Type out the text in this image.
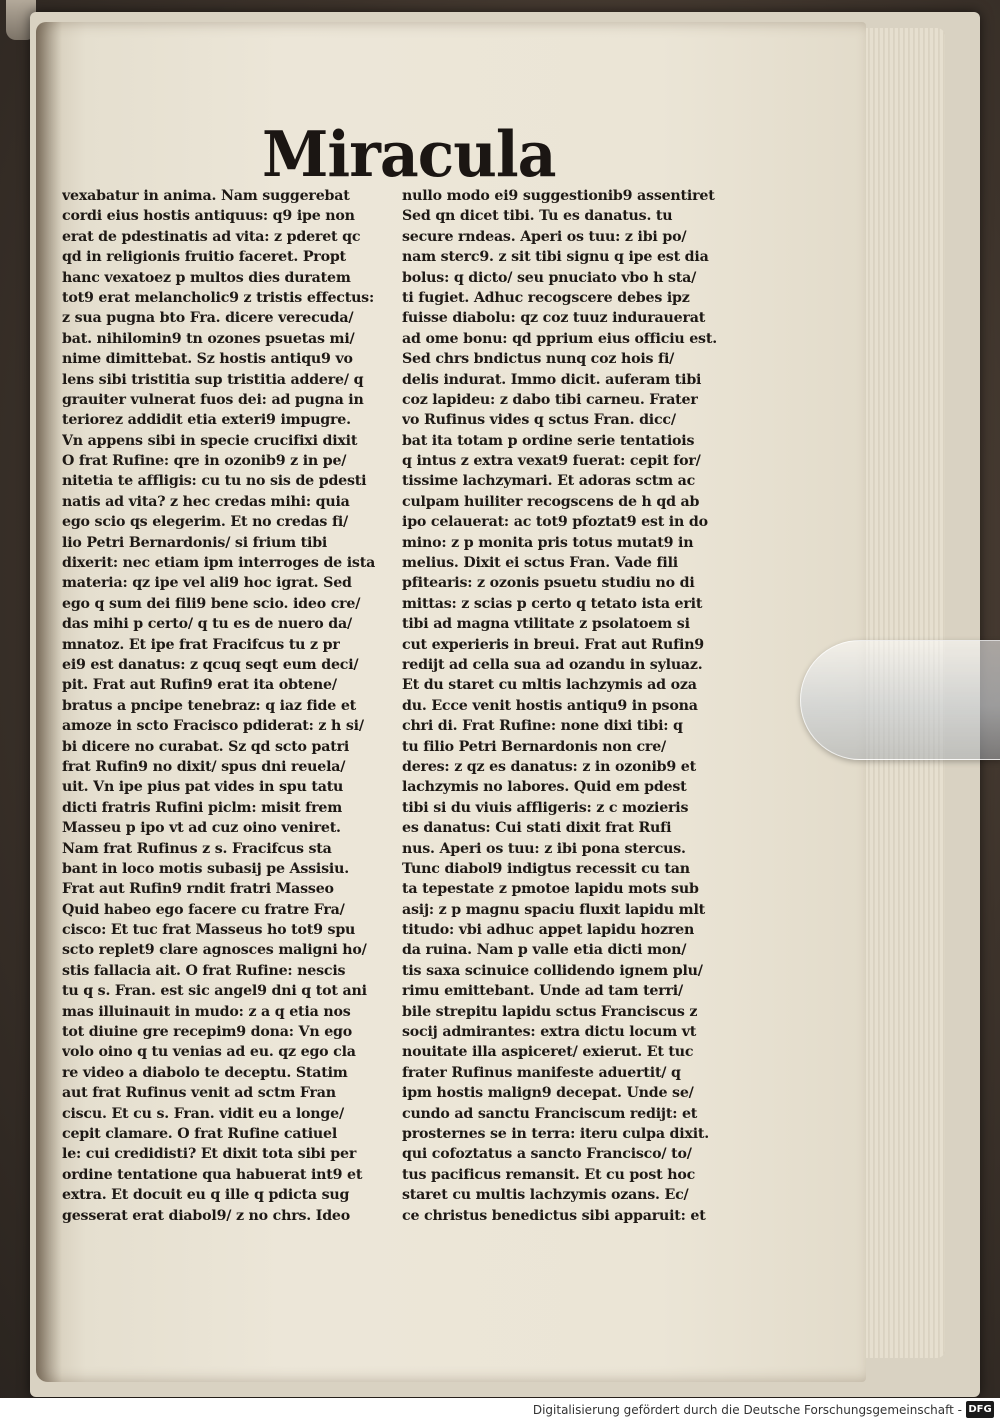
Miracula
vexabatur in anima. Nam suggerebat
cordi eius hostis antiquus: q9 ipe non
erat de pdestinatis ad vita: z pderet qc
qd in religionis fruitio faceret. Propt
hanc vexatoez p multos dies duratem
tot9 erat melancholic9 z tristis effectus:
z sua pugna bto Fra. dicere verecuda/
bat. nihilomin9 tn ozones psuetas mi/
nime dimittebat. Sz hostis antiqu9 vo
lens sibi tristitia sup tristitia addere/ q
grauiter vulnerat fuos dei: ad pugna in
teriorez addidit etia exteri9 impugre.
Vn appens sibi in specie crucifixi dixit
O frat Rufine: qre in ozonib9 z in pe/
nitetia te affligis: cu tu no sis de pdesti
natis ad vita? z hec credas mihi: quia
ego scio qs elegerim. Et no credas fi/
lio Petri Bernardonis/ si frium tibi
dixerit: nec etiam ipm interroges de ista
materia: qz ipe vel ali9 hoc igrat. Sed
ego q sum dei fili9 bene scio. ideo cre/
das mihi p certo/ q tu es de nuero da/
mnatoz. Et ipe frat Fracifcus tu z pr
ei9 est danatus: z qcuq seqt eum deci/
pit. Frat aut Rufin9 erat ita obtene/
bratus a pncipe tenebraz: q iaz fide et
amoze in scto Fracisco pdiderat: z h si/
bi dicere no curabat. Sz qd scto patri
frat Rufin9 no dixit/ spus dni reuela/
uit. Vn ipe pius pat vides in spu tatu
dicti fratris Rufini piclm: misit frem
Masseu p ipo vt ad cuz oino veniret.
Nam frat Rufinus z s. Fracifcus sta
bant in loco motis subasij pe Assisiu.
Frat aut Rufin9 rndit fratri Masseo
Quid habeo ego facere cu fratre Fra/
cisco: Et tuc frat Masseus ho tot9 spu
scto replet9 clare agnosces maligni ho/
stis fallacia ait. O frat Rufine: nescis
tu q s. Fran. est sic angel9 dni q tot ani
mas illuinauit in mudo: z a q etia nos
tot diuine gre recepim9 dona: Vn ego
volo oino q tu venias ad eu. qz ego cla
re video a diabolo te deceptu. Statim
aut frat Rufinus venit ad sctm Fran
ciscu. Et cu s. Fran. vidit eu a longe/
cepit clamare. O frat Rufine catiuel
le: cui credidisti? Et dixit tota sibi per
ordine tentatione qua habuerat int9 et
extra. Et docuit eu q ille q pdicta sug
gesserat erat diabol9/ z no chrs. Ideo
nullo modo ei9 suggestionib9 assentiret
Sed qn dicet tibi. Tu es danatus. tu
secure rndeas. Aperi os tuu: z ibi po/
nam sterc9. z sit tibi signu q ipe est dia
bolus: q dicto/ seu pnuciato vbo h sta/
ti fugiet. Adhuc recogscere debes ipz
fuisse diabolu: qz coz tuuz indurauerat
ad ome bonu: qd pprium eius officiu est.
Sed chrs bndictus nunq coz hois fi/
delis indurat. Immo dicit. auferam tibi
coz lapideu: z dabo tibi carneu. Frater
vo Rufinus vides q sctus Fran. dicc/
bat ita totam p ordine serie tentatiois
q intus z extra vexat9 fuerat: cepit for/
tissime lachzymari. Et adoras sctm ac
culpam huiliter recogscens de h qd ab
ipo celauerat: ac tot9 pfoztat9 est in do
mino: z p monita pris totus mutat9 in
melius. Dixit ei sctus Fran. Vade fili
pfitearis: z ozonis psuetu studiu no di
mittas: z scias p certo q tetato ista erit
tibi ad magna vtilitate z psolatoem si
cut experieris in breui. Frat aut Rufin9
redijt ad cella sua ad ozandu in syluaz.
Et du staret cu mltis lachzymis ad oza
du. Ecce venit hostis antiqu9 in psona
chri di. Frat Rufine: none dixi tibi: q
tu filio Petri Bernardonis non cre/
deres: z qz es danatus: z in ozonib9 et
lachzymis no labores. Quid em pdest
tibi si du viuis affligeris: z c mozieris
es danatus: Cui stati dixit frat Rufi
nus. Aperi os tuu: z ibi pona stercus.
Tunc diabol9 indigtus recessit cu tan
ta tepestate z pmotoe lapidu mots sub
asij: z p magnu spaciu fluxit lapidu mlt
titudo: vbi adhuc appet lapidu hozren
da ruina. Nam p valle etia dicti mon/
tis saxa scinuice collidendo ignem plu/
rimu emittebant. Unde ad tam terri/
bile strepitu lapidu sctus Franciscus z
socij admirantes: extra dictu locum vt
nouitate illa aspiceret/ exierut. Et tuc
frater Rufinus manifeste aduertit/ q
ipm hostis malign9 decepat. Unde se/
cundo ad sanctu Franciscum redijt: et
prosternes se in terra: iteru culpa dixit.
qui cofoztatus a sancto Francisco/ to/
tus pacificus remansit. Et cu post hoc
staret cu multis lachzymis ozans. Ec/
ce christus benedictus sibi apparuit: et
Digitalisierung gefördert durch die Deutsche Forschungsgemeinschaft - DFG
